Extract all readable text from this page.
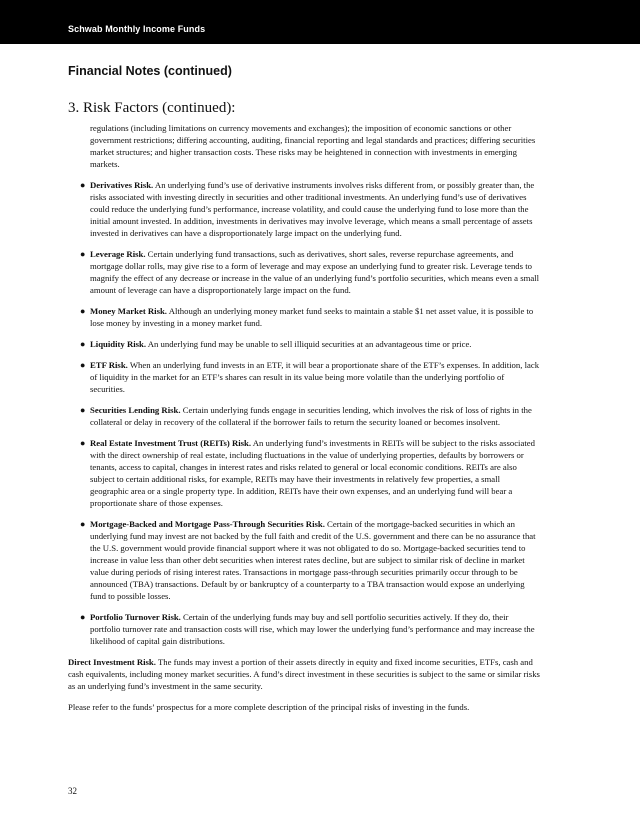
Schwab Monthly Income Funds
Financial Notes (continued)
3. Risk Factors (continued):

regulations (including limitations on currency movements and exchanges); the imposition of economic sanctions or other government restrictions; differing accounting, auditing, financial reporting and legal standards and practices; differing securities market structures; and higher transaction costs. These risks may be heightened in connection with investments in emerging markets.

● Derivatives Risk. An underlying fund’s use of derivative instruments involves risks different from, or possibly greater than, the risks associated with investing directly in securities and other traditional investments. An underlying fund’s use of derivatives could reduce the underlying fund’s performance, increase volatility, and could cause the underlying fund to lose more than the initial amount invested. In addition, investments in derivatives may involve leverage, which means a small percentage of assets invested in derivatives can have a disproportionately large impact on the underlying fund.
● Leverage Risk. Certain underlying fund transactions, such as derivatives, short sales, reverse repurchase agreements, and mortgage dollar rolls, may give rise to a form of leverage and may expose an underlying fund to greater risk. Leverage tends to magnify the effect of any decrease or increase in the value of an underlying fund’s portfolio securities, which means even a small amount of leverage can have a disproportionately large impact on the fund.
● Money Market Risk. Although an underlying money market fund seeks to maintain a stable $1 net asset value, it is possible to lose money by investing in a money market fund.
● Liquidity Risk. An underlying fund may be unable to sell illiquid securities at an advantageous time or price.
● ETF Risk. When an underlying fund invests in an ETF, it will bear a proportionate share of the ETF’s expenses. In addition, lack of liquidity in the market for an ETF’s shares can result in its value being more volatile than the underlying portfolio of securities.
● Securities Lending Risk. Certain underlying funds engage in securities lending, which involves the risk of loss of rights in the collateral or delay in recovery of the collateral if the borrower fails to return the security loaned or becomes insolvent.
● Real Estate Investment Trust (REITs) Risk. An underlying fund’s investments in REITs will be subject to the risks associated with the direct ownership of real estate, including fluctuations in the value of underlying properties, defaults by borrowers or tenants, access to capital, changes in interest rates and risks related to general or local economic conditions. REITs are also subject to certain additional risks, for example, REITs may have their investments in relatively few properties, a small geographic area or a single property type. In addition, REITs have their own expenses, and an underlying fund will bear a proportionate share of those expenses.
● Mortgage-Backed and Mortgage Pass-Through Securities Risk. Certain of the mortgage-backed securities in which an underlying fund may invest are not backed by the full faith and credit of the U.S. government and there can be no assurance that the U.S. government would provide financial support where it was not obligated to do so. Mortgage-backed securities tend to increase in value less than other debt securities when interest rates decline, but are subject to similar risk of decline in market value during periods of rising interest rates. Transactions in mortgage pass-through securities primarily occur through to be announced (TBA) transactions. Default by or bankruptcy of a counterparty to a TBA transaction would expose an underlying fund to possible losses.
● Portfolio Turnover Risk. Certain of the underlying funds may buy and sell portfolio securities actively. If they do, their portfolio turnover rate and transaction costs will rise, which may lower the underlying fund’s performance and may increase the likelihood of capital gain distributions.

Direct Investment Risk. The funds may invest a portion of their assets directly in equity and fixed income securities, ETFs, cash and cash equivalents, including money market securities. A fund’s direct investment in these securities is subject to the same or similar risks as an underlying fund’s investment in the same security.

Please refer to the funds’ prospectus for a more complete description of the principal risks of investing in the funds.

32
